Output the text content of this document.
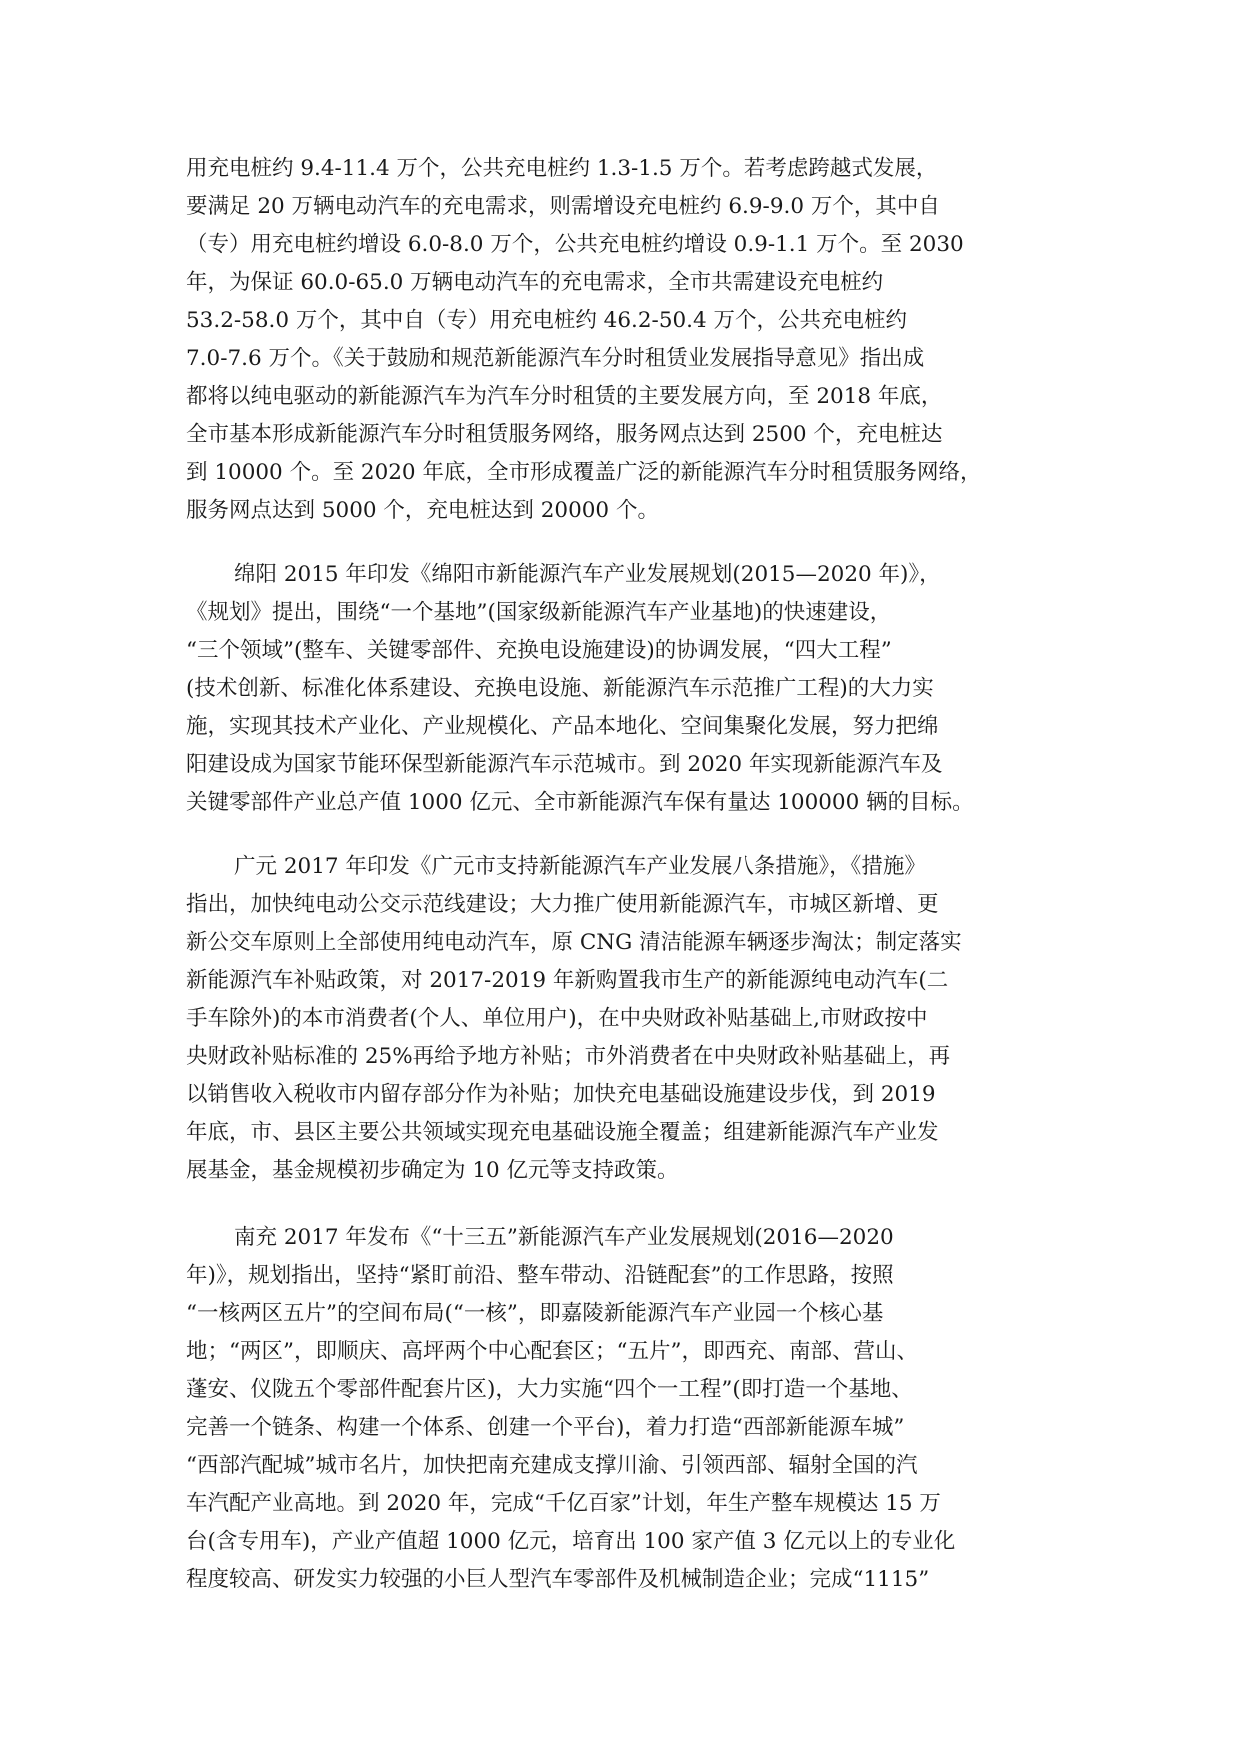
用充电桩约 9.4-11.4 万个，公共充电桩约 1.3-1.5 万个。若考虑跨越式发展，
要满足 20 万辆电动汽车的充电需求，则需增设充电桩约 6.9-9.0 万个，其中自
（专）用充电桩约增设 6.0-8.0 万个，公共充电桩约增设 0.9-1.1 万个。至 2030
年，为保证 60.0-65.0 万辆电动汽车的充电需求，全市共需建设充电桩约
53.2-58.0 万个，其中自（专）用充电桩约 46.2-50.4 万个，公共充电桩约
7.0-7.6 万个。《关于鼓励和规范新能源汽车分时租赁业发展指导意见》指出成
都将以纯电驱动的新能源汽车为汽车分时租赁的主要发展方向，至 2018 年底，
全市基本形成新能源汽车分时租赁服务网络，服务网点达到 2500 个，充电桩达
到 10000 个。至 2020 年底，全市形成覆盖广泛的新能源汽车分时租赁服务网络，
服务网点达到 5000 个，充电桩达到 20000 个。
绵阳 2015 年印发《绵阳市新能源汽车产业发展规划(2015—2020 年)》，
《规划》提出，围绕“一个基地”(国家级新能源汽车产业基地)的快速建设，
“三个领域”(整车、关键零部件、充换电设施建设)的协调发展，“四大工程”
(技术创新、标准化体系建设、充换电设施、新能源汽车示范推广工程)的大力实
施，实现其技术产业化、产业规模化、产品本地化、空间集聚化发展，努力把绵
阳建设成为国家节能环保型新能源汽车示范城市。到 2020 年实现新能源汽车及
关键零部件产业总产值 1000 亿元、全市新能源汽车保有量达 100000 辆的目标。
广元 2017 年印发《广元市支持新能源汽车产业发展八条措施》，《措施》
指出，加快纯电动公交示范线建设；大力推广使用新能源汽车，市城区新增、更
新公交车原则上全部使用纯电动汽车，原 CNG 清洁能源车辆逐步淘汰；制定落实
新能源汽车补贴政策，对 2017-2019 年新购置我市生产的新能源纯电动汽车(二
手车除外)的本市消费者(个人、单位用户)，在中央财政补贴基础上,市财政按中
央财政补贴标准的 25%再给予地方补贴；市外消费者在中央财政补贴基础上，再
以销售收入税收市内留存部分作为补贴；加快充电基础设施建设步伐，到 2019
年底，市、县区主要公共领域实现充电基础设施全覆盖；组建新能源汽车产业发
展基金，基金规模初步确定为 10 亿元等支持政策。
南充 2017 年发布《“十三五”新能源汽车产业发展规划(2016—2020
年)》，规划指出，坚持“紧盯前沿、整车带动、沿链配套”的工作思路，按照
“一核两区五片”的空间布局(“一核”，即嘉陵新能源汽车产业园一个核心基
地；“两区”，即顺庆、高坪两个中心配套区；“五片”，即西充、南部、营山、
蓬安、仪陇五个零部件配套片区)，大力实施“四个一工程”(即打造一个基地、
完善一个链条、构建一个体系、创建一个平台)，着力打造“西部新能源车城”
“西部汽配城”城市名片，加快把南充建成支撑川渝、引领西部、辐射全国的汽
车汽配产业高地。到 2020 年，完成“千亿百家”计划，年生产整车规模达 15 万
台(含专用车)，产业产值超 1000 亿元，培育出 100 家产值 3 亿元以上的专业化
程度较高、研发实力较强的小巨人型汽车零部件及机械制造企业；完成“1115”
